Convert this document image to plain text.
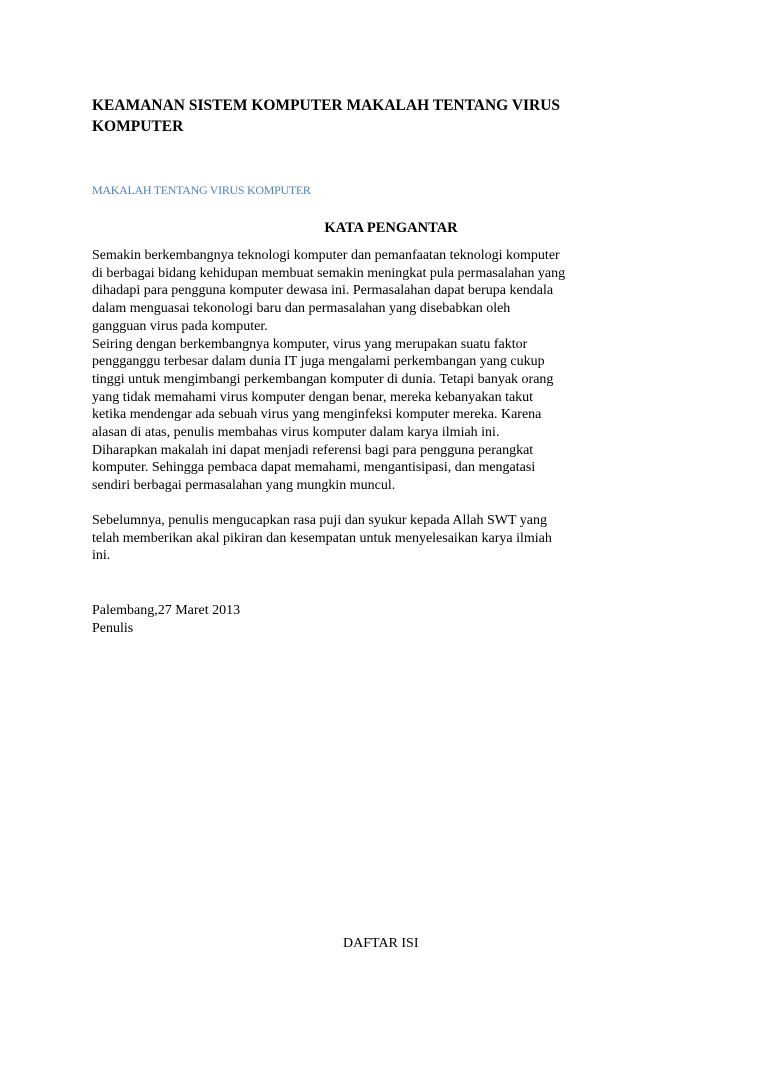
KEAMANAN SISTEM KOMPUTER MAKALAH TENTANG VIRUS KOMPUTER

MAKALAH TENTANG VIRUS KOMPUTER

KATA PENGANTAR

Semakin berkembangnya teknologi komputer dan pemanfaatan teknologi komputer
di berbagai bidang kehidupan membuat semakin meningkat pula permasalahan yang
dihadapi para pengguna komputer dewasa ini. Permasalahan dapat berupa kendala
dalam menguasai tekonologi baru dan permasalahan yang disebabkan oleh
gangguan virus pada komputer.
Seiring dengan berkembangnya komputer, virus yang merupakan suatu faktor
pengganggu terbesar dalam dunia IT juga mengalami perkembangan yang cukup
tinggi untuk mengimbangi perkembangan komputer di dunia. Tetapi banyak orang
yang tidak memahami virus komputer dengan benar, mereka kebanyakan takut
ketika mendengar ada sebuah virus yang menginfeksi komputer mereka. Karena
alasan di atas, penulis membahas virus komputer dalam karya ilmiah ini.
Diharapkan makalah ini dapat menjadi referensi bagi para pengguna perangkat
komputer. Sehingga pembaca dapat memahami, mengantisipasi, dan mengatasi
sendiri berbagai permasalahan yang mungkin muncul.

Sebelumnya, penulis mengucapkan rasa puji dan syukur kepada Allah SWT yang
telah memberikan akal pikiran dan kesempatan untuk menyelesaikan karya ilmiah
ini.

Palembang,27 Maret 2013
Penulis

DAFTAR ISI
